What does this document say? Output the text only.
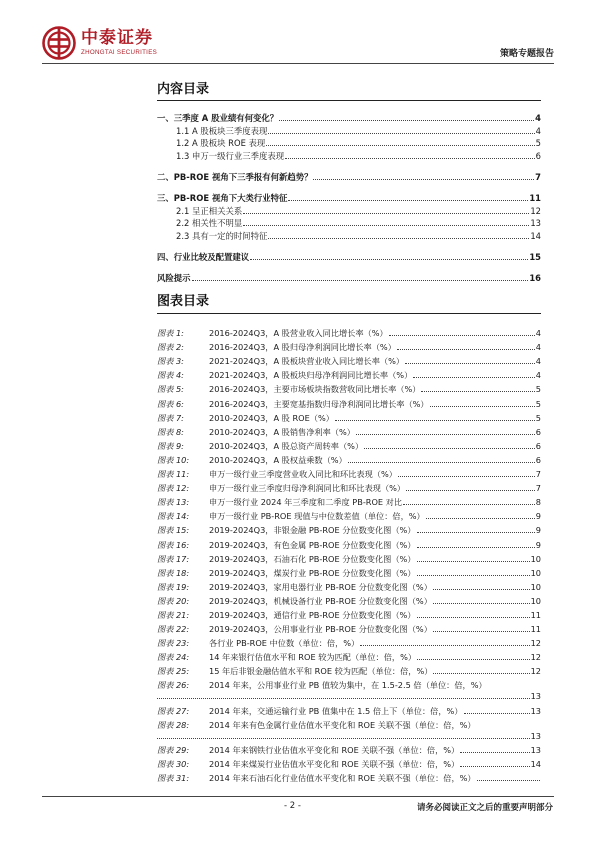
中泰证券
ZHONGTAI SECURITIES	策略专题报告
内容目录
一、三季度 A 股业绩有何变化？	4
1.1 A 股板块三季度表现	4
1.2 A 股板块 ROE 表现	5
1.3 申万一级行业三季度表现	6
二、PB-ROE 视角下三季报有何新趋势？	7
三、PB-ROE 视角下大类行业特征	11
2.1 呈正相关关系	12
2.2 相关性不明显	13
2.3 具有一定的时间特征	14
四、行业比较及配置建议	15
风险提示	16
图表目录
图表 1:	2016-2024Q3，A 股营业收入同比增长率（%）	4
图表 2:	2016-2024Q3，A 股归母净利润同比增长率（%）	4
图表 3:	2021-2024Q3，A 股板块营业收入同比增长率（%）	4
图表 4:	2021-2024Q3，A 股板块归母净利润同比增长率（%）	4
图表 5:	2016-2024Q3，主要市场板块指数营收同比增长率（%）	5
图表 6:	2016-2024Q3，主要宽基指数归母净利润同比增长率（%）	5
图表 7:	2010-2024Q3，A 股 ROE（%）	5
图表 8:	2010-2024Q3，A 股销售净利率（%）	6
图表 9:	2010-2024Q3，A 股总资产周转率（%）	6
图表 10:	2010-2024Q3，A 股权益乘数（%）	6
图表 11:	申万一级行业三季度营业收入同比和环比表现（%）	7
图表 12:	申万一级行业三季度归母净利润同比和环比表现（%）	7
图表 13:	申万一级行业 2024 年三季度和二季度 PB-ROE 对比	8
图表 14:	申万一级行业 PB-ROE 现值与中位数差值（单位：倍，%）	9
图表 15:	2019-2024Q3，非银金融 PB-ROE 分位数变化图（%）	9
图表 16:	2019-2024Q3，有色金属 PB-ROE 分位数变化图（%）	9
图表 17:	2019-2024Q3，石油石化 PB-ROE 分位数变化图（%）	10
图表 18:	2019-2024Q3，煤炭行业 PB-ROE 分位数变化图（%）	10
图表 19:	2019-2024Q3，家用电器行业 PB-ROE 分位数变化图（%）	10
图表 20:	2019-2024Q3，机械设备行业 PB-ROE 分位数变化图（%）	10
图表 21:	2019-2024Q3，通信行业 PB-ROE 分位数变化图（%）	11
图表 22:	2019-2024Q3，公用事业行业 PB-ROE 分位数变化图（%）	11
图表 23:	各行业 PB-ROE 中位数（单位：倍，%）	12
图表 24:	14 年来银行估值水平和 ROE 较为匹配（单位：倍，%）	12
图表 25:	15 年后非银金融估值水平和 ROE 较为匹配（单位：倍，%）	12
图表 26:	2014 年来，公用事业行业 PB 值较为集中，在 1.5-2.5 倍（单位：倍，%）
13
图表 27:	2014 年来，交通运输行业 PB 值集中在 1.5 倍上下（单位：倍，%）	13
图表 28:	2014 年来有色金属行业估值水平变化和 ROE 关联不强（单位：倍，%）
13
图表 29:	2014 年来钢铁行业估值水平变化和 ROE 关联不强（单位：倍，%）	13
图表 30:	2014 年来煤炭行业估值水平变化和 ROE 关联不强（单位：倍，%）	14
图表 31:	2014 年来石油石化行业估值水平变化和 ROE 关联不强（单位：倍，%）
- 2 -	请务必阅读正文之后的重要声明部分
